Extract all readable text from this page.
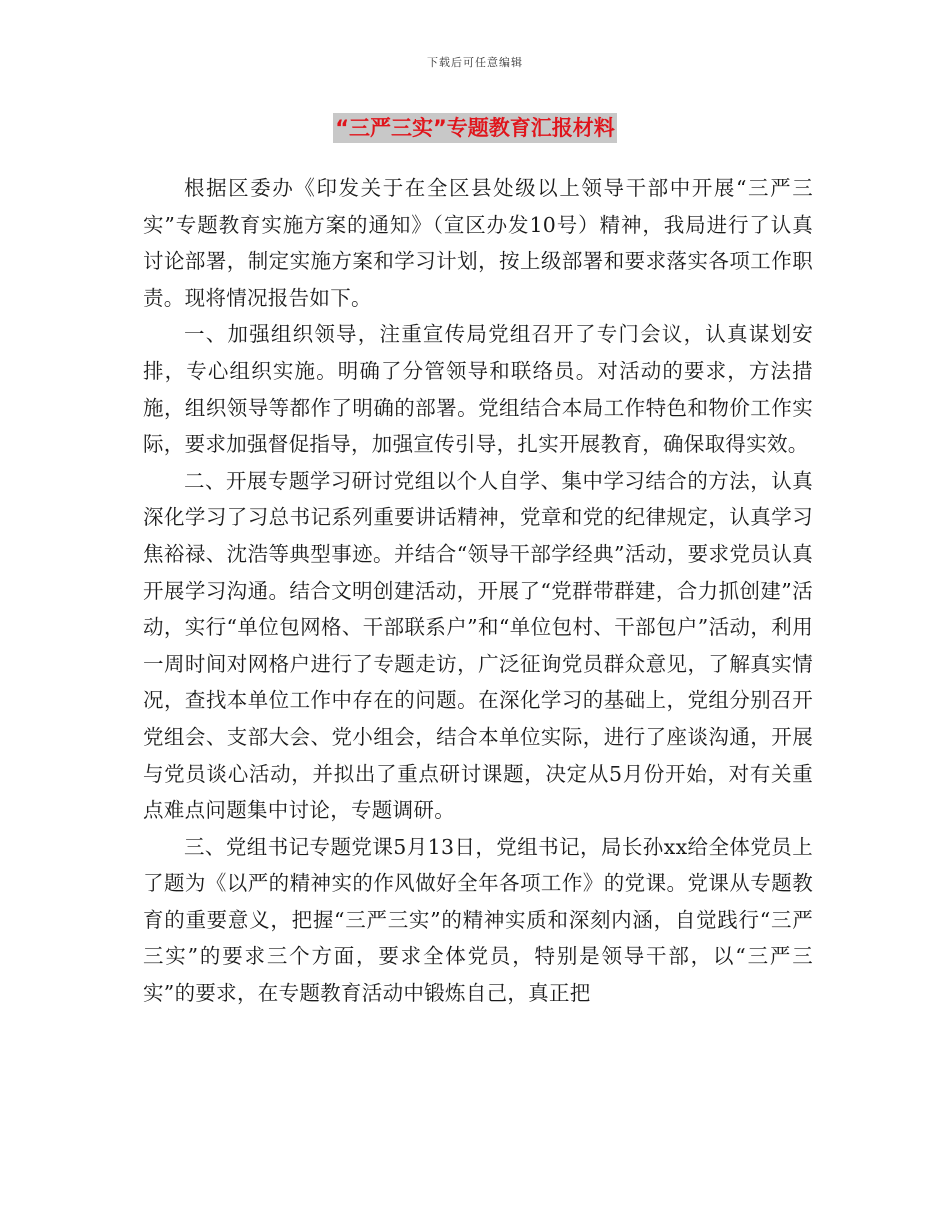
下载后可任意编辑
“三严三实”专题教育汇报材料

根据区委办《印发关于在全区县处级以上领导干部中开展“三严三实”专题教育实施方案的通知》（宣区办发10号）精神，我局进行了认真讨论部署，制定实施方案和学习计划，按上级部署和要求落实各项工作职责。现将情况报告如下。

一、加强组织领导，注重宣传局党组召开了专门会议，认真谋划安排，专心组织实施。明确了分管领导和联络员。对活动的要求，方法措施，组织领导等都作了明确的部署。党组结合本局工作特色和物价工作实际，要求加强督促指导，加强宣传引导，扎实开展教育，确保取得实效。

二、开展专题学习研讨党组以个人自学、集中学习结合的方法，认真深化学习了习总书记系列重要讲话精神，党章和党的纪律规定，认真学习焦裕禄、沈浩等典型事迹。并结合“领导干部学经典”活动，要求党员认真开展学习沟通。结合文明创建活动，开展了“党群带群建，合力抓创建”活动，实行“单位包网格、干部联系户”和“单位包村、干部包户”活动，利用一周时间对网格户进行了专题走访，广泛征询党员群众意见，了解真实情况，查找本单位工作中存在的问题。在深化学习的基础上，党组分别召开党组会、支部大会、党小组会，结合本单位实际，进行了座谈沟通，开展与党员谈心活动，并拟出了重点研讨课题，决定从5月份开始，对有关重点难点问题集中讨论，专题调研。

三、党组书记专题党课5月13日，党组书记，局长孙xx给全体党员上了题为《以严的精神实的作风做好全年各项工作》的党课。党课从专题教育的重要意义，把握“三严三实”的精神实质和深刻内涵，自觉践行“三严三实”的要求三个方面，要求全体党员，特别是领导干部，以“三严三实”的要求，在专题教育活动中锻炼自己，真正把
